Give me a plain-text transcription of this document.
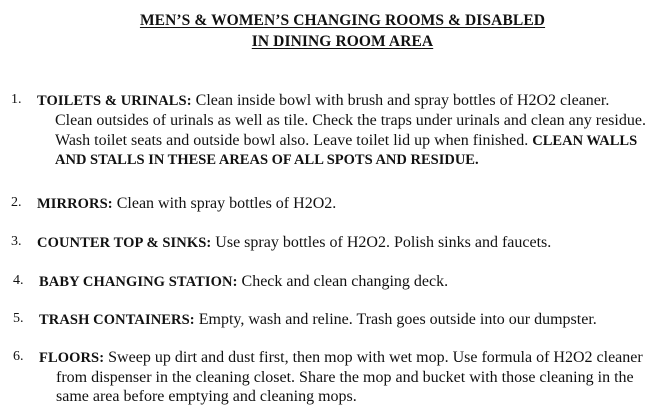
MEN’S & WOMEN’S CHANGING ROOMS & DISABLED
IN DINING ROOM AREA
1. TOILETS & URINALS: Clean inside bowl with brush and spray bottles of H2O2 cleaner.
Clean outsides of urinals as well as tile. Check the traps under urinals and clean any residue.
Wash toilet seats and outside bowl also. Leave toilet lid up when finished. CLEAN WALLS
AND STALLS IN THESE AREAS OF ALL SPOTS AND RESIDUE.
2. MIRRORS: Clean with spray bottles of H2O2.
3. COUNTER TOP & SINKS: Use spray bottles of H2O2. Polish sinks and faucets.
4. BABY CHANGING STATION: Check and clean changing deck.
5. TRASH CONTAINERS: Empty, wash and reline. Trash goes outside into our dumpster.
6. FLOORS: Sweep up dirt and dust first, then mop with wet mop. Use formula of H2O2 cleaner
from dispenser in the cleaning closet. Share the mop and bucket with those cleaning in the
same area before emptying and cleaning mops.
